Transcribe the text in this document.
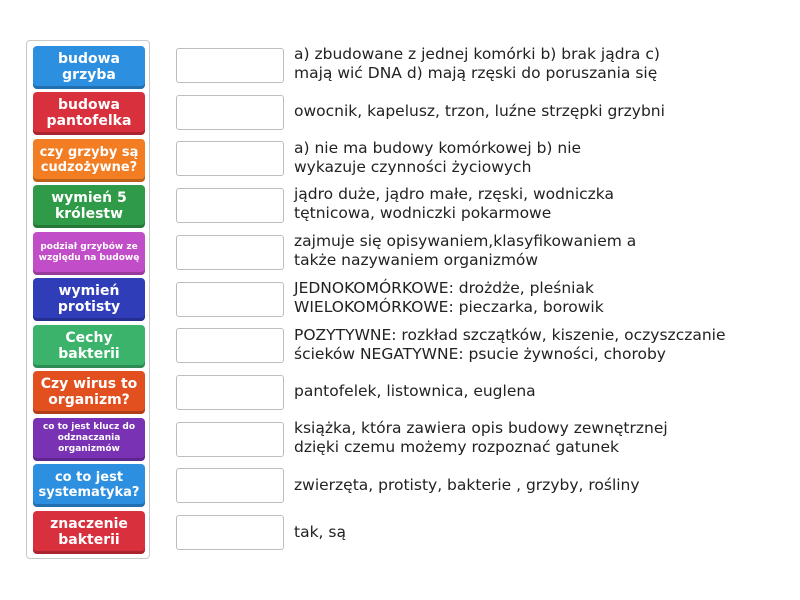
budowa grzyba
budowa pantofelka
czy grzyby są cudzożywne?
wymień 5 królestw
podział grzybów ze względu na budowę
wymień protisty
Cechy bakterii
Czy wirus to organizm?
co to jest klucz do odznaczania organizmów
co to jest systematyka?
znaczenie bakterii
a) zbudowane z jednej komórki b) brak jądra c) mają wić DNA d) mają rzęski do poruszania się
owocnik, kapelusz, trzon, luźne strzępki grzybni
a) nie ma budowy komórkowej b) nie wykazuje czynności życiowych
jądro duże, jądro małe, rzęski, wodniczka tętnicowa, wodniczki pokarmowe
zajmuje się opisywaniem,klasyfikowaniem a także nazywaniem organizmów
JEDNOKOMÓRKOWE: drożdże, pleśniak WIELOKOMÓRKOWE: pieczarka, borowik
POZYTYWNE: rozkład szczątków, kiszenie, oczyszczanie ścieków NEGATYWNE: psucie żywności, choroby
pantofelek, listownica, euglena
książka, która zawiera opis budowy zewnętrznej dzięki czemu możemy rozpoznać gatunek
zwierzęta, protisty, bakterie , grzyby, rośliny
tak, są
